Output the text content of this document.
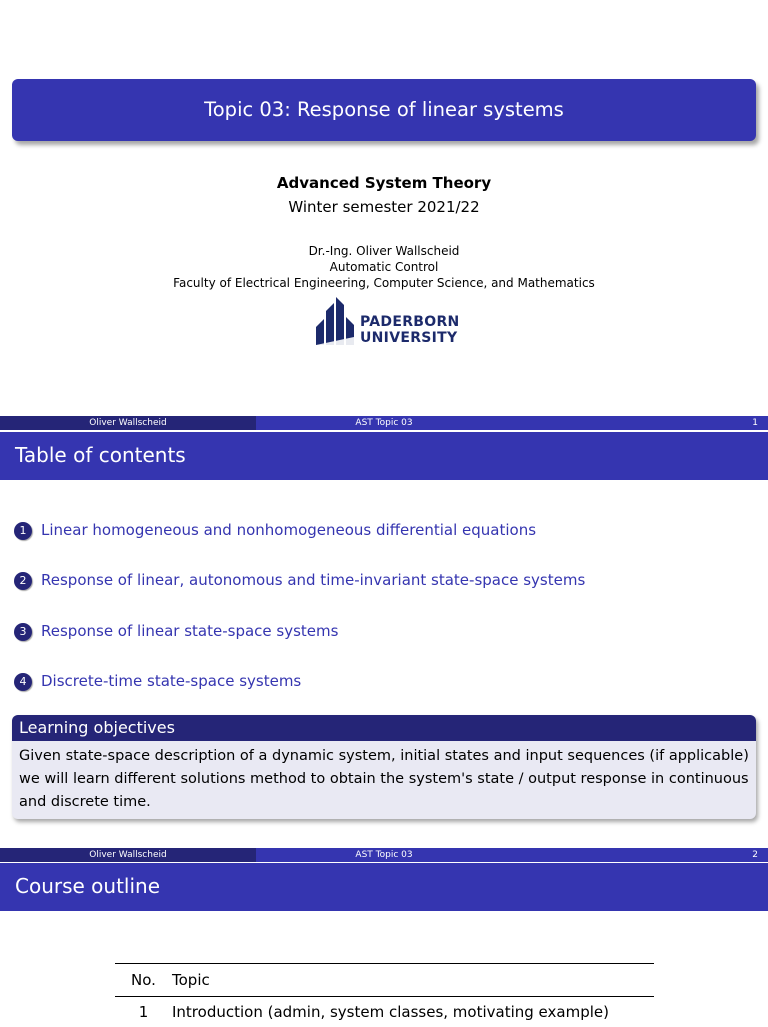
Topic 03: Response of linear systems
Advanced System Theory
Winter semester 2021/22
Dr.-Ing. Oliver Wallscheid
Automatic Control
Faculty of Electrical Engineering, Computer Science, and Mathematics
PADERBORN
UNIVERSITY
Oliver Wallscheid	AST Topic 03	1
Table of contents
1 Linear homogeneous and nonhomogeneous differential equations
2 Response of linear, autonomous and time-invariant state-space systems
3 Response of linear state-space systems
4 Discrete-time state-space systems
Learning objectives
Given state-space description of a dynamic system, initial states and input sequences (if applicable) we will learn different solutions method to obtain the system's state / output response in continuous and discrete time.
Oliver Wallscheid	AST Topic 03	2
Course outline
No.	Topic
1	Introduction (admin, system classes, motivating example)
